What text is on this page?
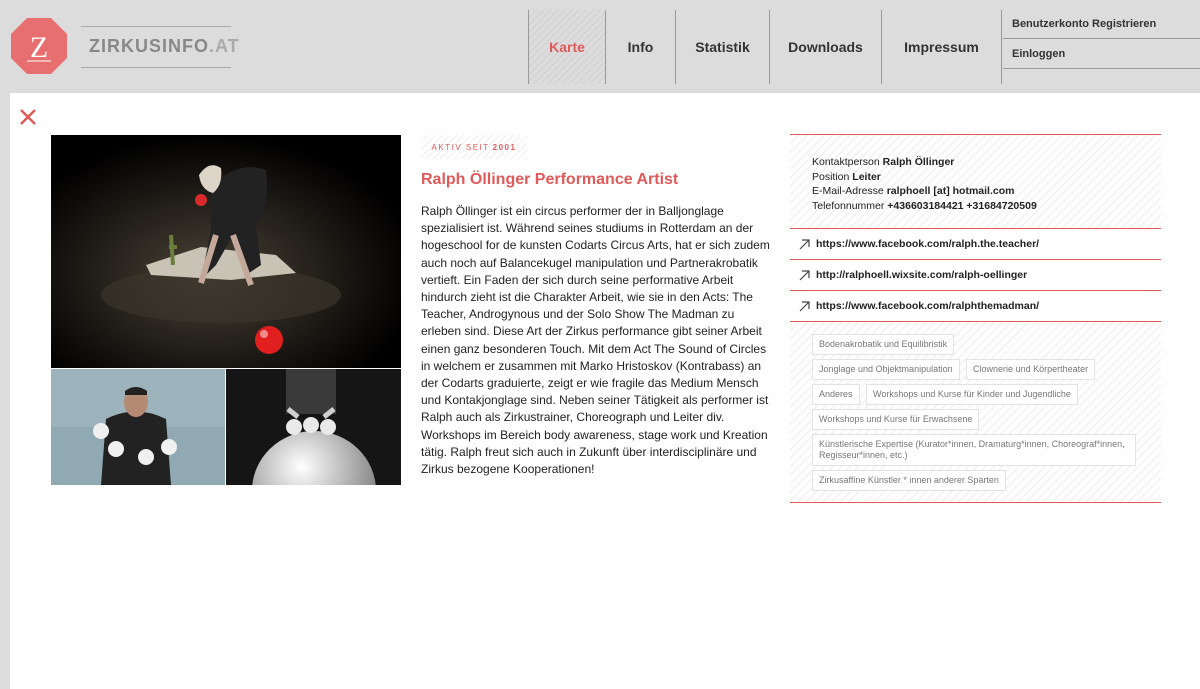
Z ZIRKUSINFO.AT	Karte	Info	Statistik	Downloads	Impressum
Benutzerkonto Registrieren
Einloggen
AKTIV SEIT 2001
Ralph Öllinger Performance Artist
Ralph Öllinger ist ein circus performer der in Balljonglage spezialisiert ist. Während seines studiums in Rotterdam an der hogeschool for de kunsten Codarts Circus Arts, hat er sich zudem auch noch auf Balancekugel manipulation und Partnerakrobatik vertieft. Ein Faden der sich durch seine performative Arbeit hindurch zieht ist die Charakter Arbeit, wie sie in den Acts: The Teacher, Androgynous und der Solo Show The Madman zu erleben sind. Diese Art der Zirkus performance gibt seiner Arbeit einen ganz besonderen Touch. Mit dem Act The Sound of Circles in welchem er zusammen mit Marko Hristoskov (Kontrabass) an der Codarts graduierte, zeigt er wie fragile das Medium Mensch und Kontakjonglage sind. Neben seiner Tätigkeit als performer ist Ralph auch als Zirkustrainer, Choreograph und Leiter div. Workshops im Bereich body awareness, stage work und Kreation tätig. Ralph freut sich auch in Zukunft über interdisciplinäre und Zirkus bezogene Kooperationen!
Kontaktperson Ralph Öllinger
Position Leiter
E-Mail-Adresse ralphoell [at] hotmail.com
Telefonnummer +436603184421 +31684720509
https://www.facebook.com/ralph.the.teacher/
http://ralphoell.wixsite.com/ralph-oellinger
https://www.facebook.com/ralphthemadman/
Bodenakrobatik und Equilibristik
Jonglage und Objektmanipulation Clownerie und Körpertheater
Anderes Workshops und Kurse für Kinder und Jugendliche
Workshops und Kurse für Erwachsene
Künstlerische Expertise (Kurator*innen, Dramaturg*innen, Choreograf*innen, Regisseur*innen, etc.)
Zirkusaffine Künstler * innen anderer Sparten
